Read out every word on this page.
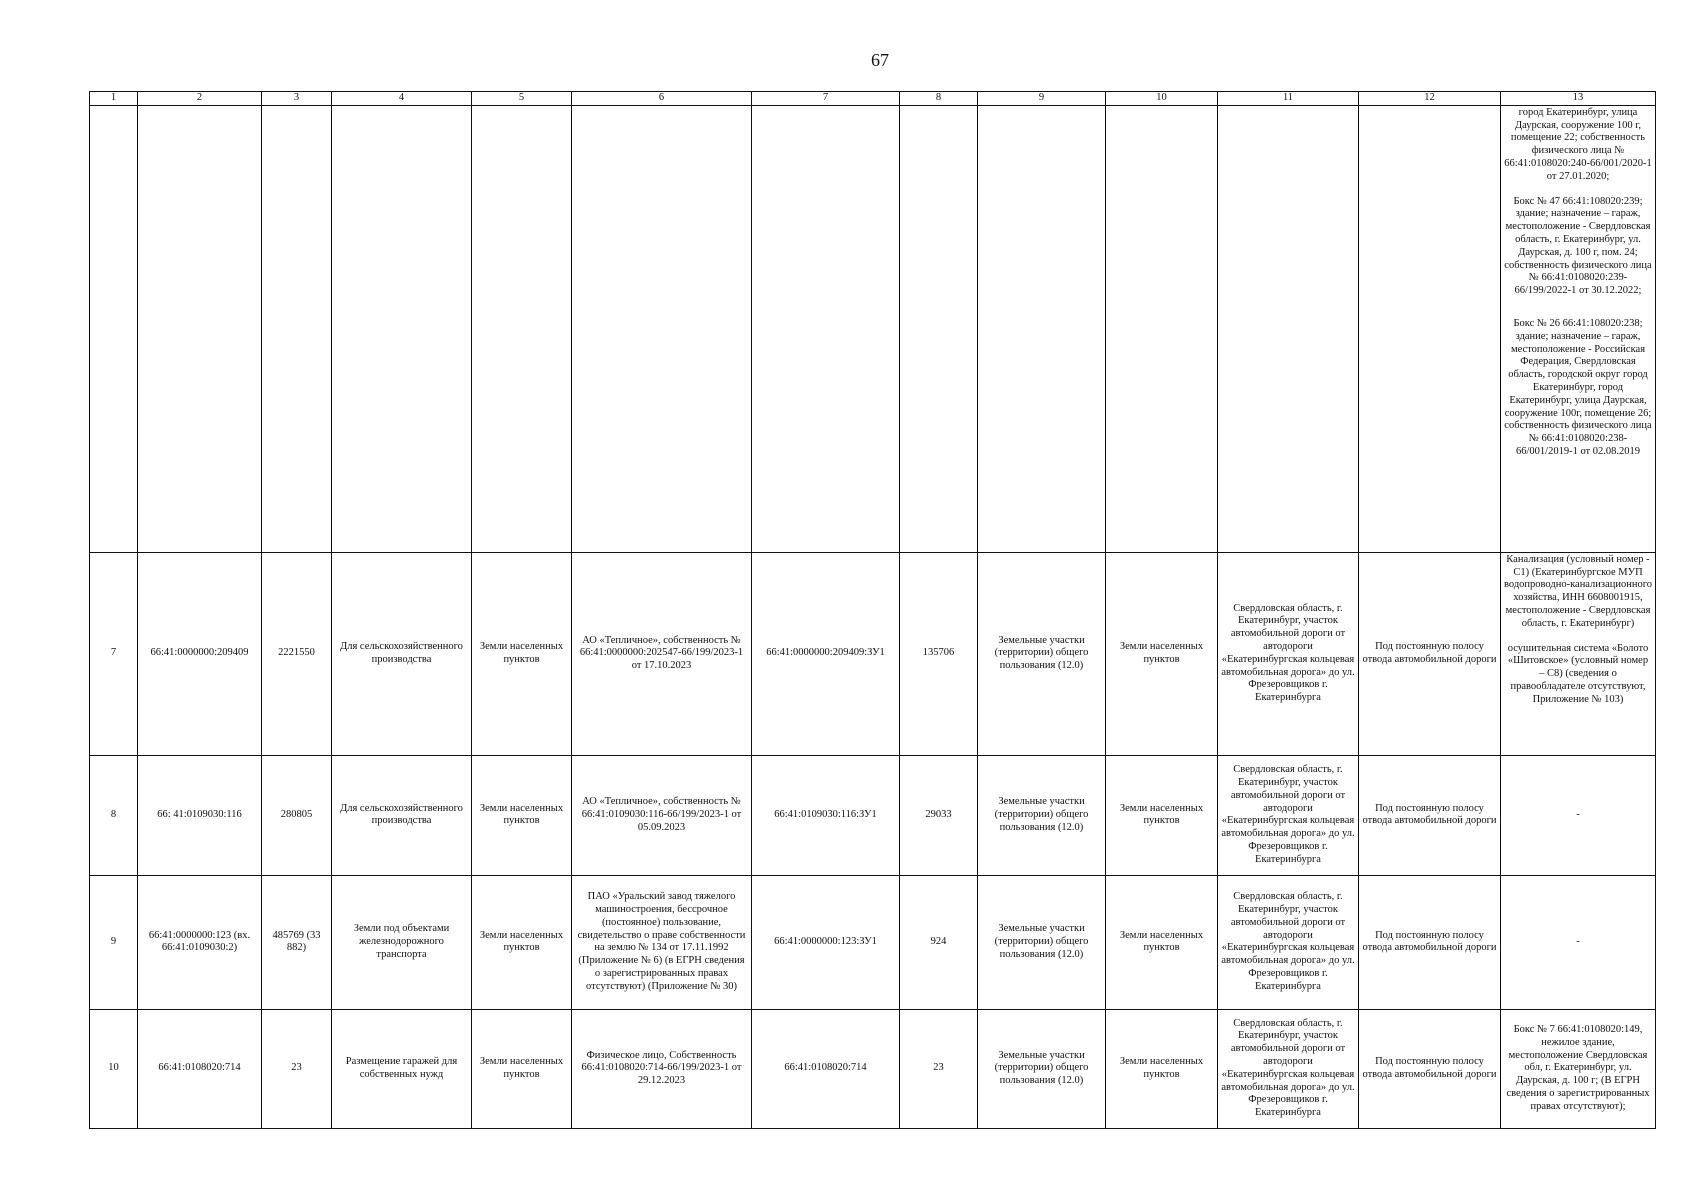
67
1	2	3	4	5	6	7	8	9	10	11	12	13

												город Екатеринбург, улица Даурская, сооружение 100 г, помещение 22; собственность физического лица № 66:41:0108020:240-66/001/2020-1 от 27.01.2020;
Бокс № 47 66:41:108020:239; здание; назначение – гараж, местоположение - Свердловская область, г. Екатеринбург, ул. Даурская, д. 100 г, пом. 24; собственность физического лица № 66:41:0108020:239-66/199/2022-1 от 30.12.2022;
Бокс № 26 66:41:108020:238; здание; назначение – гараж, местоположение - Российская Федерация, Свердловская область, городской округ город Екатеринбург, город Екатеринбург, улица Даурская, сооружение 100г, помещение 26; собственность физического лица № 66:41:0108020:238-66/001/2019-1 от 02.08.2019

7	66:41:0000000:209409	2221550	Для сельскохозяйственного производства	Земли населенных пунктов	АО «Тепличное», собственность № 66:41:0000000:202547-66/199/2023-1 от 17.10.2023	66:41:0000000:209409:ЗУ1	135706	Земельные участки (территории) общего пользования (12.0)	Земли населенных пунктов	Свердловская область, г. Екатеринбург, участок автомобильной дороги от автодороги «Екатеринбургская кольцевая автомобильная дорога» до ул. Фрезеровщиков г. Екатеринбурга	Под постоянную полосу отвода автомобильной дороги	Канализация (условный номер - С1) (Екатеринбургское МУП водопроводно-канализационного хозяйства, ИНН 6608001915, местоположение - Свердловская область, г. Екатеринбург)
осушительная система «Болото «Шитовское» (условный номер – С8) (сведения о правообладателе отсутствуют, Приложение № 103)

8	66: 41:0109030:116	280805	Для сельскохозяйственного производства	Земли населенных пунктов	АО «Тепличное», собственность № 66:41:0109030:116-66/199/2023-1 от 05.09.2023	66:41:0109030:116:ЗУ1	29033	Земельные участки (территории) общего пользования (12.0)	Земли населенных пунктов	Свердловская область, г. Екатеринбург, участок автомобильной дороги от автодороги «Екатеринбургская кольцевая автомобильная дорога» до ул. Фрезеровщиков г. Екатеринбурга	Под постоянную полосу отвода автомобильной дороги	-
9	66:41:0000000:123 (вх. 66:41:0109030:2)	485769 (33 882)	Земли под объектами железнодорожного транспорта	Земли населенных пунктов	ПАО «Уральский завод тяжелого машиностроения, бессрочное (постоянное) пользование, свидетельство о праве собственности на землю № 134 от 17.11.1992 (Приложение № 6) (в ЕГРН сведения о зарегистрированных правах отсутствуют) (Приложение № 30)	66:41:0000000:123:ЗУ1	924	Земельные участки (территории) общего пользования (12.0)	Земли населенных пунктов	Свердловская область, г. Екатеринбург, участок автомобильной дороги от автодороги «Екатеринбургская кольцевая автомобильная дорога» до ул. Фрезеровщиков г. Екатеринбурга	Под постоянную полосу отвода автомобильной дороги	-
10	66:41:0108020:714	23	Размещение гаражей для собственных нужд	Земли населенных пунктов	Физическое лицо, Собственность 66:41:0108020:714-66/199/2023-1 от 29.12.2023	66:41:0108020:714	23	Земельные участки (территории) общего пользования (12.0)	Земли населенных пунктов	Свердловская область, г. Екатеринбург, участок автомобильной дороги от автодороги «Екатеринбургская кольцевая автомобильная дорога» до ул. Фрезеровщиков г. Екатеринбурга	Под постоянную полосу отвода автомобильной дороги	Бокс № 7 66:41:0108020:149, нежилое здание, местоположение Свердловская обл, г. Екатеринбург, ул. Даурская, д. 100 г; (В ЕГРН сведения о зарегистрированных правах отсутствуют);
